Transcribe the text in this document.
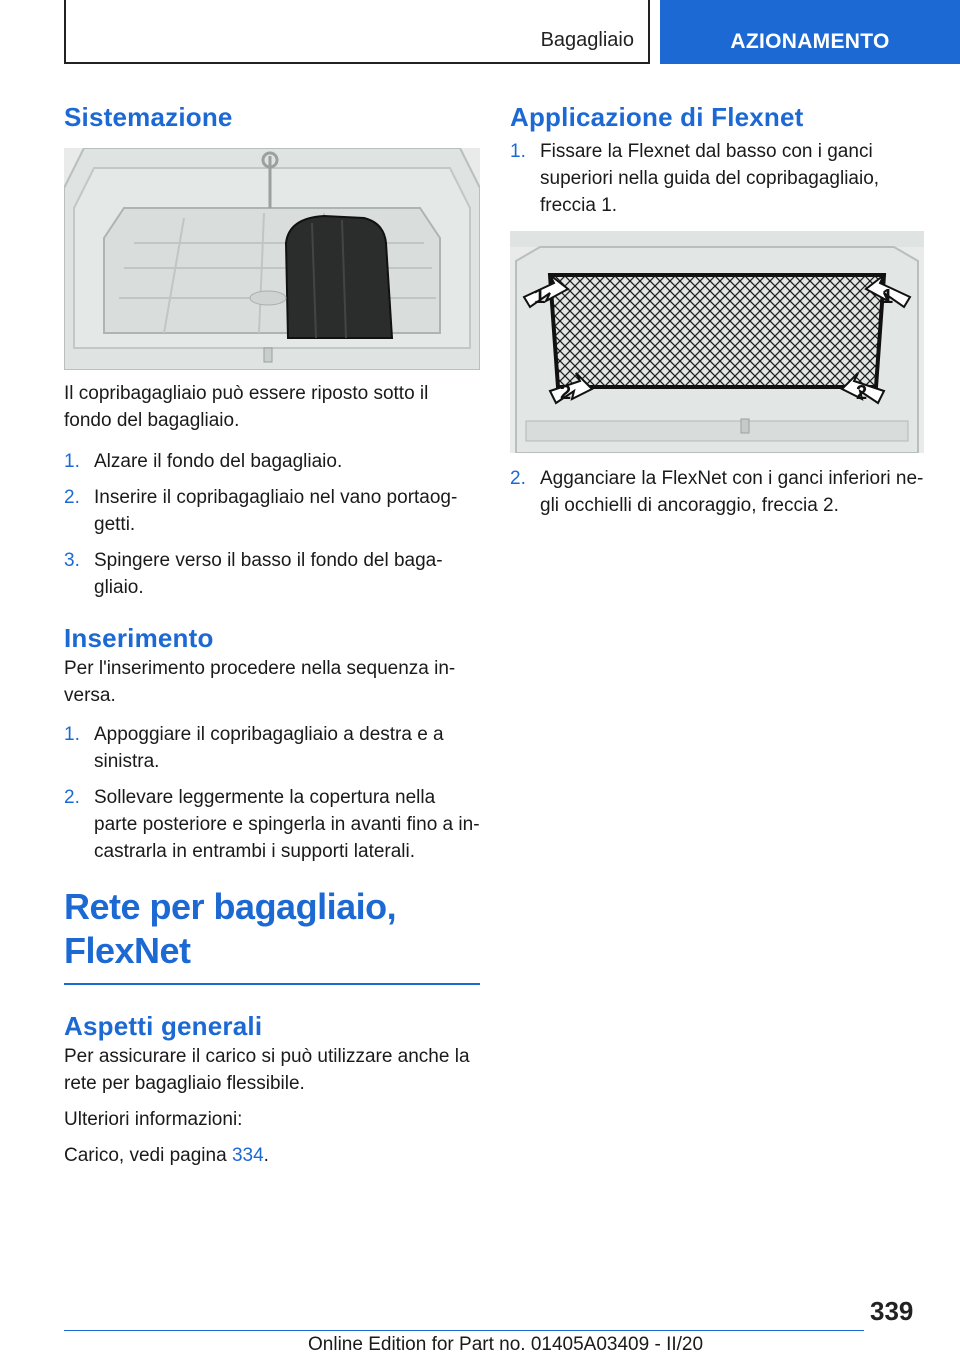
Bagagliaio	AZIONAMENTO
Sistemazione

Il copribagagliaio può essere riposto sotto il fondo del bagagliaio.

1. Alzare il fondo del bagagliaio.
2. Inserire il copribagagliaio nel vano portaoggetti.
3. Spingere verso il basso il fondo del bagagliaio.
Inserimento

Per l'inserimento procedere nella sequenza inversa.

1. Appoggiare il copribagagliaio a destra e a sinistra.
2. Sollevare leggermente la copertura nella parte posteriore e spingerla in avanti fino a incastrarla in entrambi i supporti laterali.
Rete per bagagliaio,
FlexNet
Aspetti generali

Per assicurare il carico si può utilizzare anche la rete per bagagliaio flessibile.

Ulteriori informazioni:

Carico, vedi pagina 334.

Applicazione di Flexnet
1. Fissare la Flexnet dal basso con i ganci superiori nella guida del copribagagliaio, freccia 1.
1	1
2	2
2. Agganciare la FlexNet con i ganci inferiori negli occhielli di ancoraggio, freccia 2.
339
Online Edition for Part no. 01405A03409 - II/20
